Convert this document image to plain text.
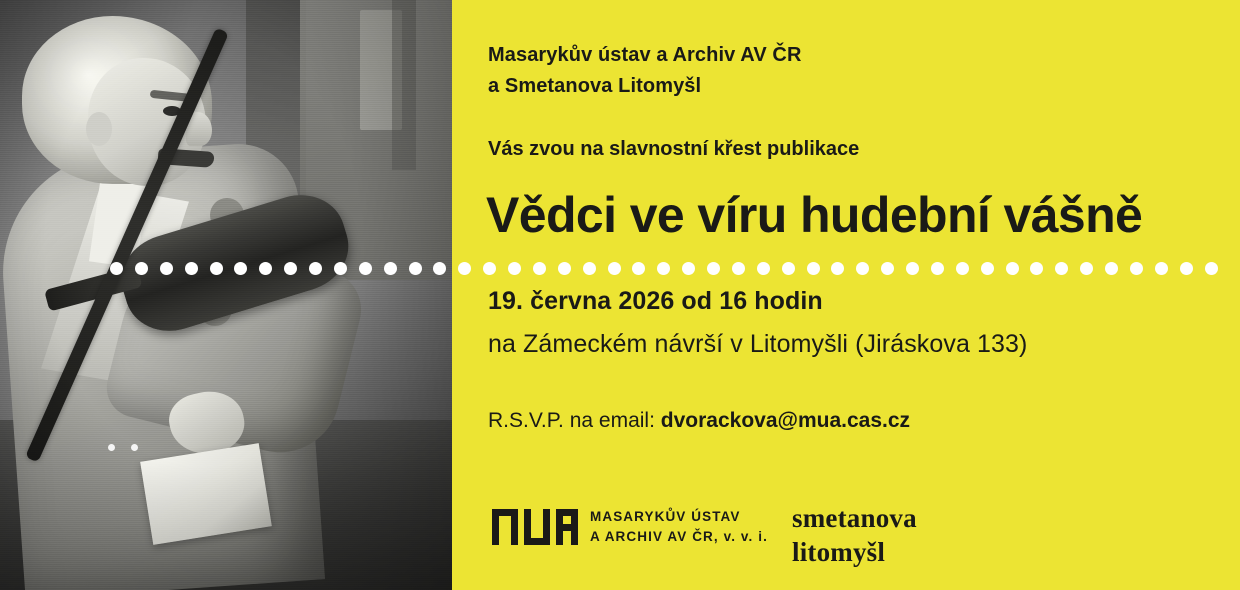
Masarykův ústav a Archiv AV ČR
a Smetanova Litomyšl
Vás zvou na slavnostní křest publikace
Vědci ve víru hudební vášně
19. června 2026 od 16 hodin
na Zámeckém návrší v Litomyšli (Jiráskova 133)
R.S.V.P. na email: dvorackova@mua.cas.cz
MASARYKŮV ÚSTAV
A ARCHIV AV ČR, v. v. i.
smetanova
litomyšl
